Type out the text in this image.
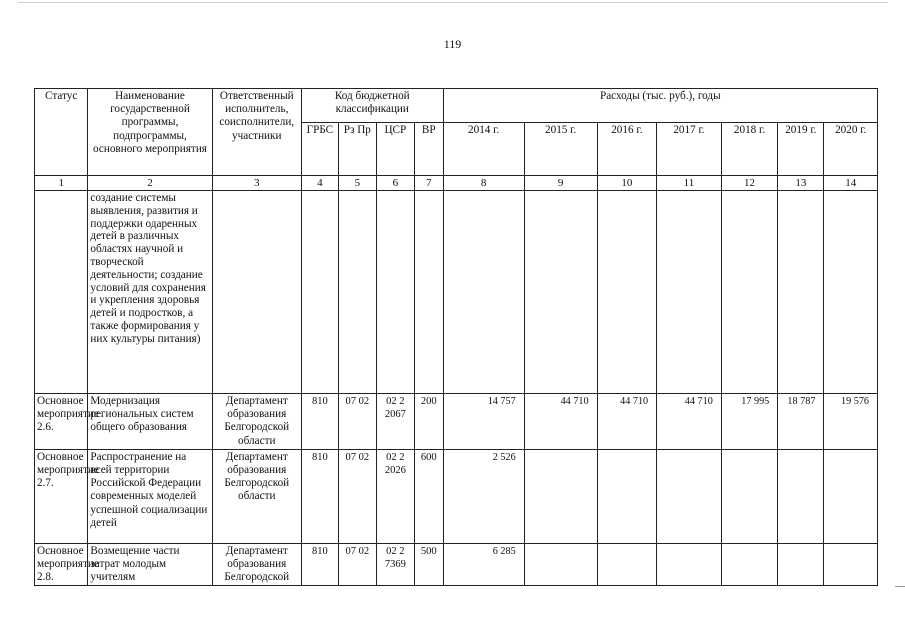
119
Статус	Наименование государственной программы, подпрограммы, основного мероприятия	Ответственный исполнитель, соисполнители, участники	Код бюджетной классификации				Расходы (тыс. руб.), годы						
			ГРБС	Рз Пр	ЦСР	ВР	2014 г.	2015 г.	2016 г.	2017 г.	2018 г.	2019 г.	2020 г.
1	2	3	4	5	6	7	8	9	10	11	12	13	14
	создание системы выявления, развития и поддержки одаренных детей в различных областях научной и творческой деятельности; создание условий для сохранения и укрепления здоровья детей и подростков, а также формирования у них культуры питания)												
Основное мероприятие 2.6.	Модернизация региональных систем общего образования	Департамент образования Белгородской области	810	07 02	02 2 2067	200	14 757	44 710	44 710	44 710	17 995	18 787	19 576
Основное мероприятие 2.7.	Распространение на всей территории Российской Федерации современных моделей успешной социализации детей	Департамент образования Белгородской области	810	07 02	02 2 2026	600	2 526						
Основное мероприятие 2.8.	Возмещение части затрат молодым учителям	Департамент образования Белгородской	810	07 02	02 2 7369	500	6 285						
